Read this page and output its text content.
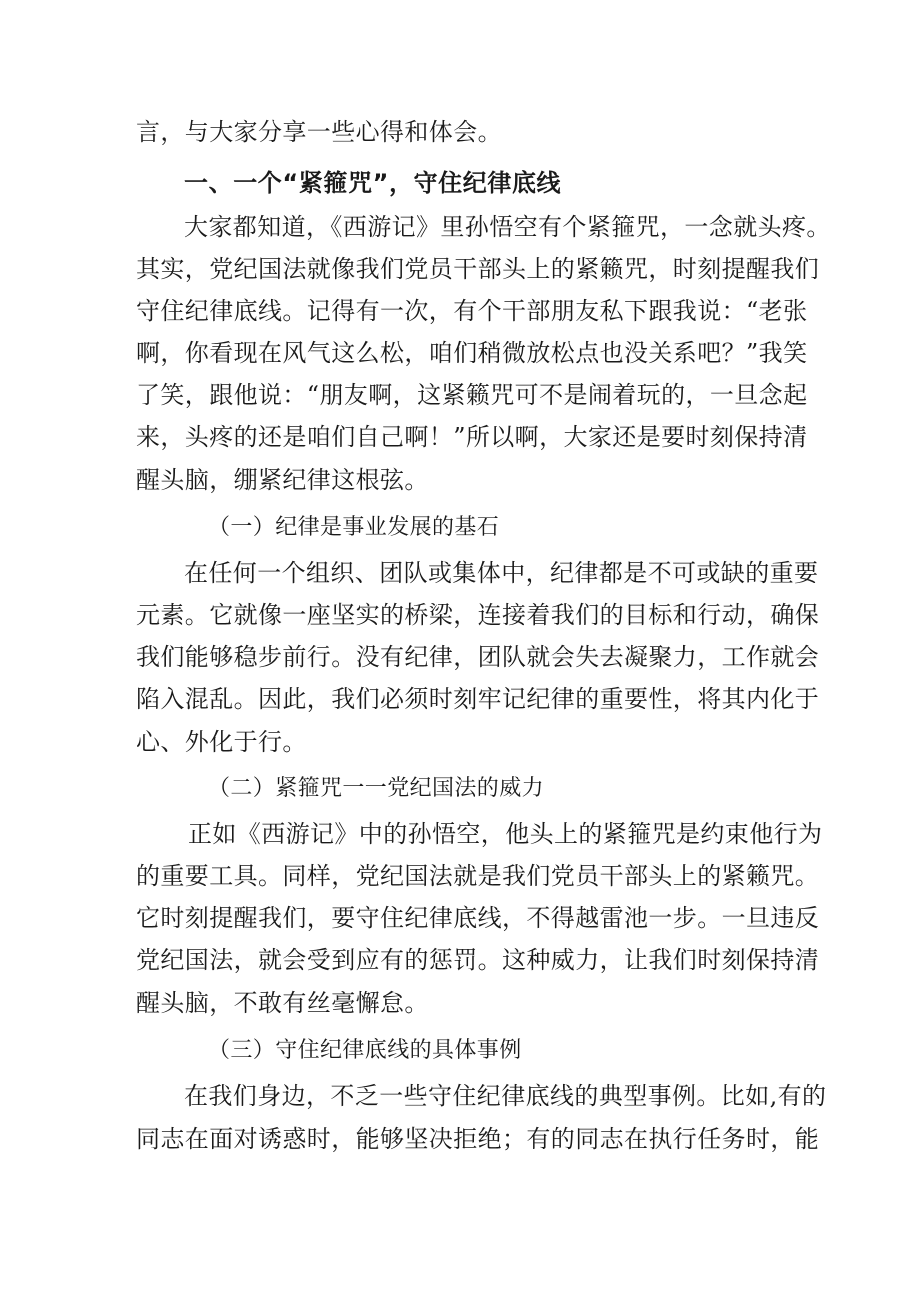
言，与大家分享一些心得和体会。
一、一个“紧箍咒”，守住纪律底线
大家都知道，《西游记》里孙悟空有个紧箍咒，一念就头疼。
其实，党纪国法就像我们党员干部头上的紧籁咒，时刻提醒我们
守住纪律底线。记得有一次，有个干部朋友私下跟我说：“老张
啊，你看现在风气这么松，咱们稍微放松点也没关系吧？”我笑
了笑，跟他说：“朋友啊，这紧籁咒可不是闹着玩的，一旦念起
来，头疼的还是咱们自己啊！”所以啊，大家还是要时刻保持清
醒头脑，绷紧纪律这根弦。
（一）纪律是事业发展的基石
在任何一个组织、团队或集体中，纪律都是不可或缺的重要
元素。它就像一座坚实的桥梁，连接着我们的目标和行动，确保
我们能够稳步前行。没有纪律，团队就会失去凝聚力，工作就会
陷入混乱。因此，我们必须时刻牢记纪律的重要性，将其内化于
心、外化于行。
（二）紧箍咒一一党纪国法的威力
正如《西游记》中的孙悟空，他头上的紧箍咒是约束他行为
的重要工具。同样，党纪国法就是我们党员干部头上的紧籁咒。
它时刻提醒我们，要守住纪律底线，不得越雷池一步。一旦违反
党纪国法，就会受到应有的惩罚。这种威力，让我们时刻保持清
醒头脑，不敢有丝毫懈怠。
（三）守住纪律底线的具体事例
在我们身边，不乏一些守住纪律底线的典型事例。比如,有的
同志在面对诱惑时，能够坚决拒绝；有的同志在执行任务时，能
